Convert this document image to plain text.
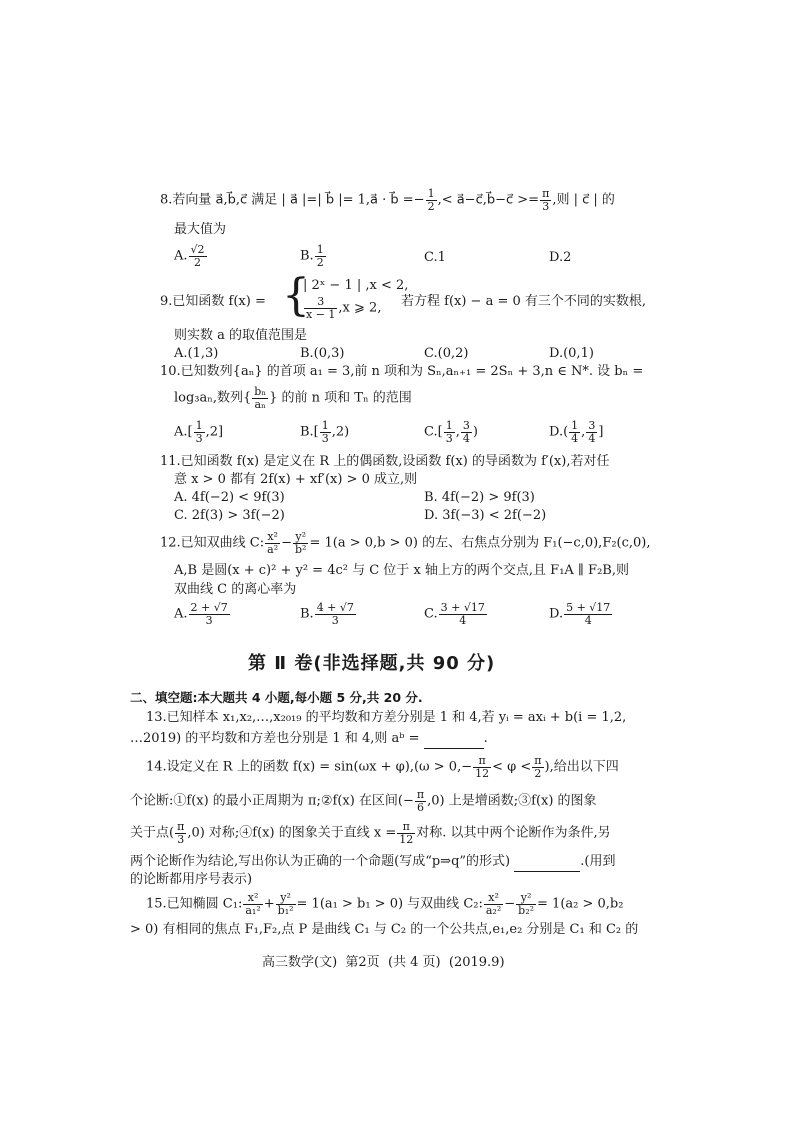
8.若向量 a⃗,b⃗,c⃗ 满足 | a⃗ |=| b⃗ |= 1,a⃗ · b⃗ =− $\frac{1}{2}$ ,< a⃗−c⃗,b⃗−c⃗ >= $\frac{\pi}{3}$ ,则 | c⃗ | 的
最大值为
A. $\frac{√2}{2}$	B. $\frac{1}{2}$	C.1	D.2
9.已知函数 f(x) = {
| 2ˣ − 1 | ,x < 2,
$\frac{3}{x - 1} ,x$ ⩾ 2, 若方程 f(x) − a = 0 有三个不同的实数根,
则实数 a 的取值范围是
A.(1,3)	B.(0,3)	C.(0,2)	D.(0,1)
10.已知数列{aₙ} 的首项 a₁ = 3,前 n 项和为 Sₙ,aₙ₊₁ = 2Sₙ + 3,n ∈ N*. 设 bₙ =
log₃aₙ,数列{ $\frac{\text{bₙ}}{\text{aₙ}}$ } 的前 n 项和 Tₙ 的范围
$A.[ \frac{1}{3} ,2]$	$B.[ \frac{1}{3} ,2)$	$C.[ \frac{1}{3}$ , $\frac{3}{4}$ )	$D.( \frac{1}{4}$ , $\frac{3}{4}$ ]
11.已知函数 f(x) 是定义在 R 上的偶函数,设函数 f(x) 的导函数为 f′(x),若对任
意 x > 0 都有 2f(x) + xf′(x) > 0 成立,则
A. 4f(−2) < 9f(3)	B. 4f(−2) > 9f(3)
C. 2f(3) > 3f(−2)	D. 3f(−3) < 2f(−2)
12.已知双曲线 C: $\frac{\text{x²}}{\text{a²}} - \frac{\text{y²}}{\text{b²}} = 1(a > 0,b > 0)$ 的左、右焦点分别为 F₁(−c,0),F₂(c,0),
A,B 是圆(x + c)² + y² = 4c² 与 C 位于 x 轴上方的两个交点,且 F₁A ∥ F₂B,则
双曲线 C 的离心率为
A. $\frac{2 + √7}{3}$	B. $\frac{4 + √7}{3}$	C. $\frac{3 + √17}{4}$	D. $\frac{5 + √17}{4}$
第 Ⅱ 卷(非选择题,共 90 分)
二、填空题:本大题共 4 小题,每小题 5 分,共 20 分.
13.已知样本 x₁,x₂,…,x₂₀₁₉ 的平均数和方差分别是 1 和 4,若 yᵢ = axᵢ + b(i = 1,2,
…2019) 的平均数和方差也分别是 1 和 4,则 aᵇ =	.
14.设定义在 R 上的函数 $f(x) = \sin(\omega x + \varphi),(\omega > 0,- \frac{\pi}{12} < \varphi < \frac{\pi}{2}$ ),给出以下四
个论断:①f(x) 的最小正周期为 π;②f(x) 在区间(− $\frac{\pi}{6} ,0$) 上是增函数;③f(x) 的图象
关于点( $\frac{\pi}{3} ,0$) 对称;④f(x) 的图象关于直线 $x = \frac{\pi}{12}$ 对称. 以其中两个论断作为条件,另
两个论断作为结论,写出你认为正确的一个命题(写成“p⇒q”的形式)	.(用到
的论断都用序号表示)
15.已知椭圆 C₁: $\frac{\text{x²}}{\text{a₁²}} + \frac{\text{y²}}{\text{b₁²}} = 1(a_1 > b_1 > 0)$ 与双曲线 C₂: $\frac{\text{x²}}{\text{a₂²}} - \frac{\text{y²}}{\text{b₂²}} = 1(a_2 > 0,b_2$
> 0) 有相同的焦点 F₁,F₂,点 P 是曲线 C₁ 与 C₂ 的一个公共点,e₁,e₂ 分别是 C₁ 和 C₂ 的
高三数学(文)  第2页  (共 4 页)  (2019.9)
